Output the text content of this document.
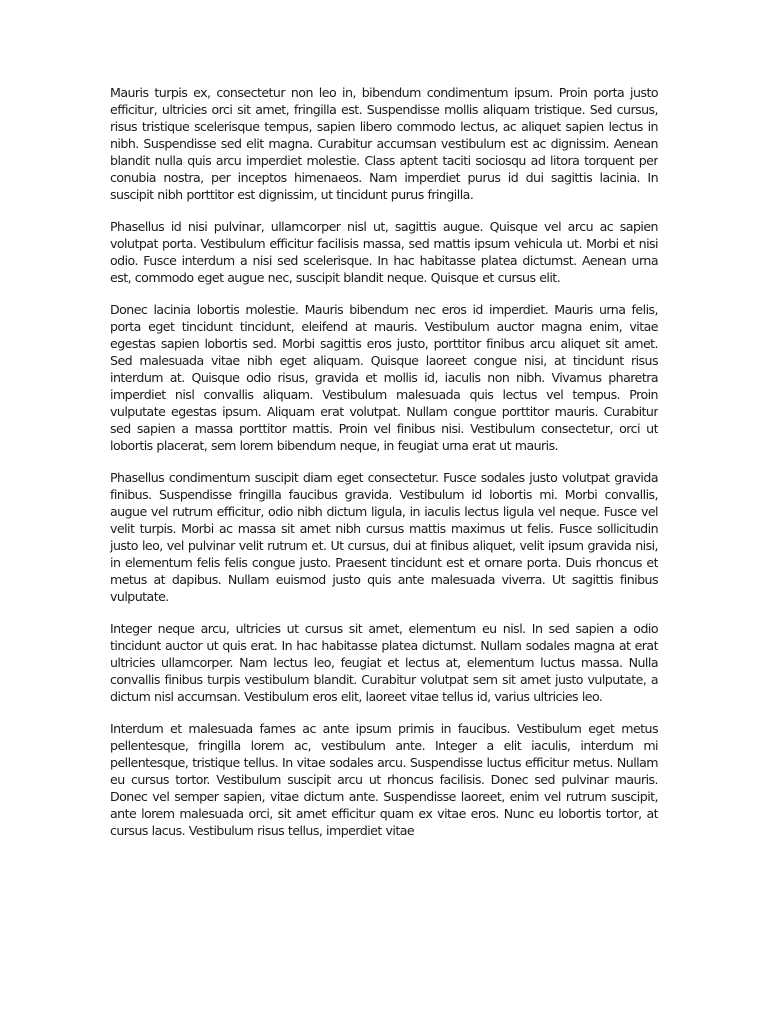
Mauris turpis ex, consectetur non leo in, bibendum condimentum ipsum. Proin porta justo efficitur, ultricies orci sit amet, fringilla est. Suspendisse mollis aliquam tristique. Sed cursus, risus tristique scelerisque tempus, sapien libero commodo lectus, ac aliquet sapien lectus in nibh. Suspendisse sed elit magna. Curabitur accumsan vestibulum est ac dignissim. Aenean blandit nulla quis arcu imperdiet molestie. Class aptent taciti sociosqu ad litora torquent per conubia nostra, per inceptos himenaeos. Nam imperdiet purus id dui sagittis lacinia. In suscipit nibh porttitor est dignissim, ut tincidunt purus fringilla.

Phasellus id nisi pulvinar, ullamcorper nisl ut, sagittis augue. Quisque vel arcu ac sapien volutpat porta. Vestibulum efficitur facilisis massa, sed mattis ipsum vehicula ut. Morbi et nisi odio. Fusce interdum a nisi sed scelerisque. In hac habitasse platea dictumst. Aenean urna est, commodo eget augue nec, suscipit blandit neque. Quisque et cursus elit.

Donec lacinia lobortis molestie. Mauris bibendum nec eros id imperdiet. Mauris urna felis, porta eget tincidunt tincidunt, eleifend at mauris. Vestibulum auctor magna enim, vitae egestas sapien lobortis sed. Morbi sagittis eros justo, porttitor finibus arcu aliquet sit amet. Sed malesuada vitae nibh eget aliquam. Quisque laoreet congue nisi, at tincidunt risus interdum at. Quisque odio risus, gravida et mollis id, iaculis non nibh. Vivamus pharetra imperdiet nisl convallis aliquam. Vestibulum malesuada quis lectus vel tempus. Proin vulputate egestas ipsum. Aliquam erat volutpat. Nullam congue porttitor mauris. Curabitur sed sapien a massa porttitor mattis. Proin vel finibus nisi. Vestibulum consectetur, orci ut lobortis placerat, sem lorem bibendum neque, in feugiat urna erat ut mauris.

Phasellus condimentum suscipit diam eget consectetur. Fusce sodales justo volutpat gravida finibus. Suspendisse fringilla faucibus gravida. Vestibulum id lobortis mi. Morbi convallis, augue vel rutrum efficitur, odio nibh dictum ligula, in iaculis lectus ligula vel neque. Fusce vel velit turpis. Morbi ac massa sit amet nibh cursus mattis maximus ut felis. Fusce sollicitudin justo leo, vel pulvinar velit rutrum et. Ut cursus, dui at finibus aliquet, velit ipsum gravida nisi, in elementum felis felis congue justo. Praesent tincidunt est et ornare porta. Duis rhoncus et metus at dapibus. Nullam euismod justo quis ante malesuada viverra. Ut sagittis finibus vulputate.

Integer neque arcu, ultricies ut cursus sit amet, elementum eu nisl. In sed sapien a odio tincidunt auctor ut quis erat. In hac habitasse platea dictumst. Nullam sodales magna at erat ultricies ullamcorper. Nam lectus leo, feugiat et lectus at, elementum luctus massa. Nulla convallis finibus turpis vestibulum blandit. Curabitur volutpat sem sit amet justo vulputate, a dictum nisl accumsan. Vestibulum eros elit, laoreet vitae tellus id, varius ultricies leo.

Interdum et malesuada fames ac ante ipsum primis in faucibus. Vestibulum eget metus pellentesque, fringilla lorem ac, vestibulum ante. Integer a elit iaculis, interdum mi pellentesque, tristique tellus. In vitae sodales arcu. Suspendisse luctus efficitur metus. Nullam eu cursus tortor. Vestibulum suscipit arcu ut rhoncus facilisis. Donec sed pulvinar mauris. Donec vel semper sapien, vitae dictum ante. Suspendisse laoreet, enim vel rutrum suscipit, ante lorem malesuada orci, sit amet efficitur quam ex vitae eros. Nunc eu lobortis tortor, at cursus lacus. Vestibulum risus tellus, imperdiet vitae
